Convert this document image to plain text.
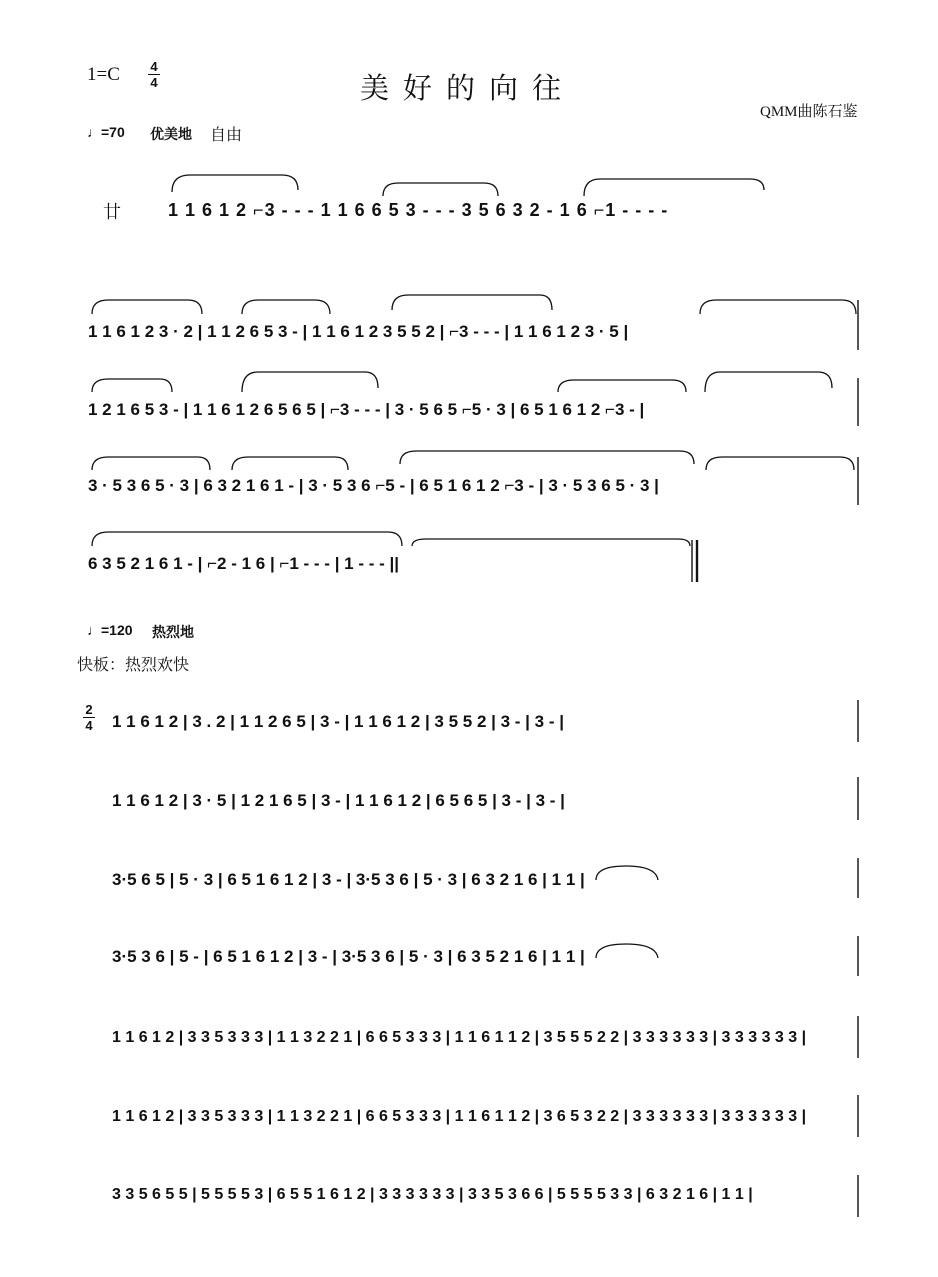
1=C 4
4	美好的向往
QMM曲陈石鉴
♩=70 优美地 自由
廿	1 1 6 1 2 ⌐3 - - - 1 1 6 6 5 3 - - - 3 5 6 3 2 - 1 6 ⌐1 - - - -
1 1 6 1 2 3 · 2 | 1 1 2 6 5 3 - | 1 1 6 1 2 3 5 5 2 | ⌐3 - - - | 1 1 6 1 2 3 · 5 |
1 2 1 6 5 3 - | 1 1 6 1 2 6 5 6 5 | ⌐3 - - - | 3 · 5 6 5 ⌐5 · 3 | 6 5 1 6 1 2 ⌐3 - |
3 · 5 3 6 5 · 3 | 6 3 2 1 6 1 - | 3 · 5 3 6 ⌐5 - | 6 5 1 6 1 2 ⌐3 - | 3 · 5 3 6 5 · 3 |
6 3 5 2 1 6 1 - | ⌐2 - 1 6 | ⌐1 - - - | 1 - - - ||
♩=120 热烈地
快板：热烈欢快
2
4 1 1 6 1 2 | 3 . 2 | 1 1 2 6 5 | 3 - | 1 1 6 1 2 | 3 5 5 2 | 3 - | 3 - |
1 1 6 1 2 | 3 · 5 | 1 2 1 6 5 | 3 - | 1 1 6 1 2 | 6 5 6 5 | 3 - | 3 - |
3·5 6 5 | 5 · 3 | 6 5 1 6 1 2 | 3 - | 3·5 3 6 | 5 · 3 | 6 3 2 1 6 | 1 1 |
3·5 3 6 | 5 - | 6 5 1 6 1 2 | 3 - | 3·5 3 6 | 5 · 3 | 6 3 5 2 1 6 | 1 1 |
1 1 6 1 2 | 3 3 5 3 3 3 | 1 1 3 2 2 1 | 6 6 5 3 3 3 | 1 1 6 1 1 2 | 3 5 5 5 2 2 | 3 3 3 3 3 3 | 3 3 3 3 3 3 |
1 1 6 1 2 | 3 3 5 3 3 3 | 1 1 3 2 2 1 | 6 6 5 3 3 3 | 1 1 6 1 1 2 | 3 6 5 3 2 2 | 3 3 3 3 3 3 | 3 3 3 3 3 3 |
3 3 5 6 5 5 | 5 5 5 5 3 | 6 5 5 1 6 1 2 | 3 3 3 3 3 3 | 3 3 5 3 6 6 | 5 5 5 5 3 3 | 6 3 2 1 6 | 1 1 |
